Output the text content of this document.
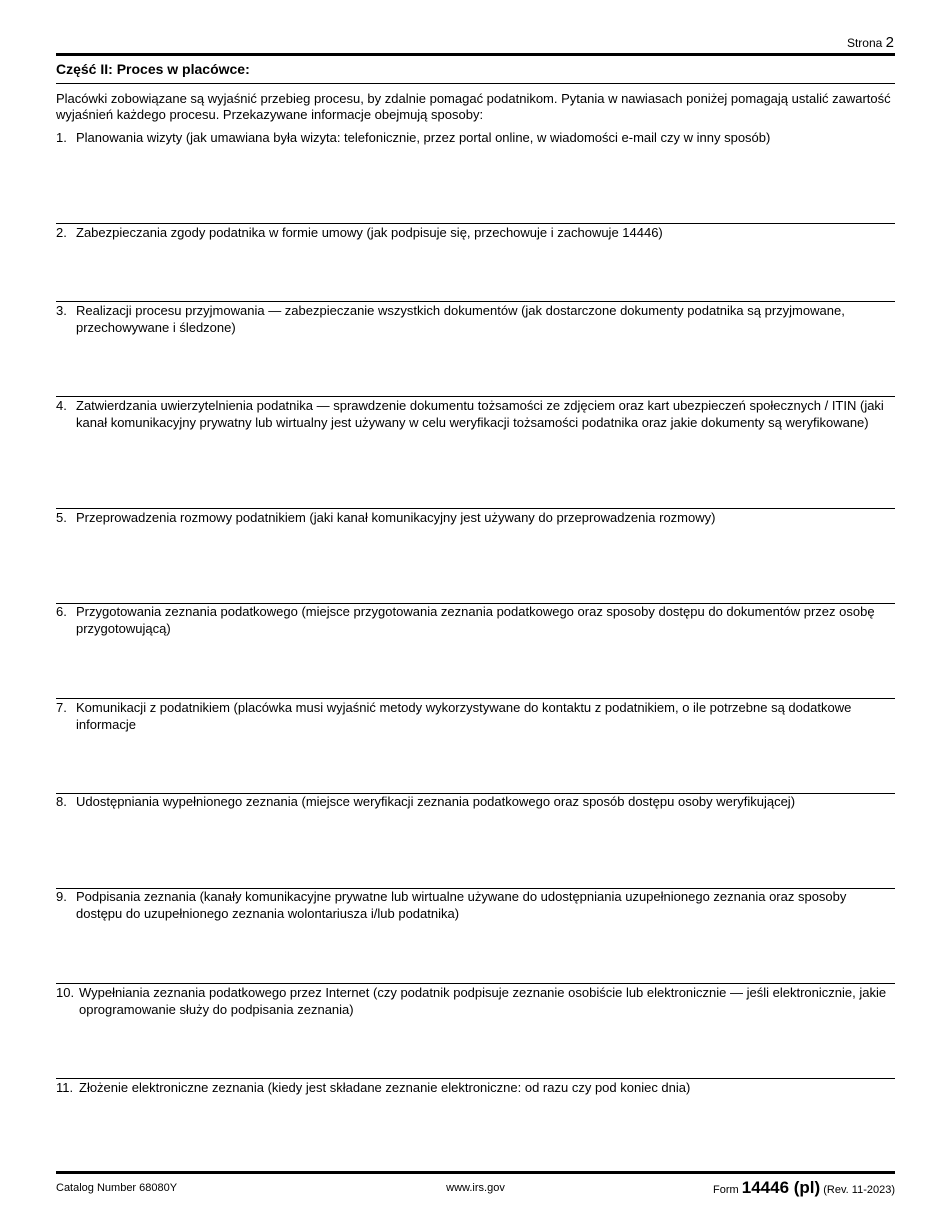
Strona 2
Część II: Proces w placówce:
Placówki zobowiązane są wyjaśnić przebieg procesu, by zdalnie pomagać podatnikom. Pytania w nawiasach poniżej pomagają ustalić zawartość wyjaśnień każdego procesu. Przekazywane informacje obejmują sposoby:
1. Planowania wizyty (jak umawiana była wizyta: telefonicznie, przez portal online, w wiadomości e-mail czy w inny sposób)
2. Zabezpieczania zgody podatnika w formie umowy (jak podpisuje się, przechowuje i zachowuje 14446)
3. Realizacji procesu przyjmowania — zabezpieczanie wszystkich dokumentów (jak dostarczone dokumenty podatnika są przyjmowane, przechowywane i śledzone)
4. Zatwierdzania uwierzytelnienia podatnika — sprawdzenie dokumentu tożsamości ze zdjęciem oraz kart ubezpieczeń społecznych / ITIN (jaki kanał komunikacyjny prywatny lub wirtualny jest używany w celu weryfikacji tożsamości podatnika oraz jakie dokumenty są weryfikowane)
5. Przeprowadzenia rozmowy podatnikiem (jaki kanał komunikacyjny jest używany do przeprowadzenia rozmowy)
6. Przygotowania zeznania podatkowego (miejsce przygotowania zeznania podatkowego oraz sposoby dostępu do dokumentów przez osobę przygotowującą)
7. Komunikacji z podatnikiem (placówka musi wyjaśnić metody wykorzystywane do kontaktu z podatnikiem, o ile potrzebne są dodatkowe informacje
8. Udostępniania wypełnionego zeznania (miejsce weryfikacji zeznania podatkowego oraz sposób dostępu osoby weryfikującej)
9. Podpisania zeznania (kanały komunikacyjne prywatne lub wirtualne używane do udostępniania uzupełnionego zeznania oraz sposoby dostępu do uzupełnionego zeznania wolontariusza i/lub podatnika)
10. Wypełniania zeznania podatkowego przez Internet (czy podatnik podpisuje zeznanie osobiście lub elektronicznie — jeśli elektronicznie, jakie oprogramowanie służy do podpisania zeznania)
11. Złożenie elektroniczne zeznania (kiedy jest składane zeznanie elektroniczne: od razu czy pod koniec dnia)
Catalog Number 68080Y	www.irs.gov	Form 14446 (pl) (Rev. 11-2023)
